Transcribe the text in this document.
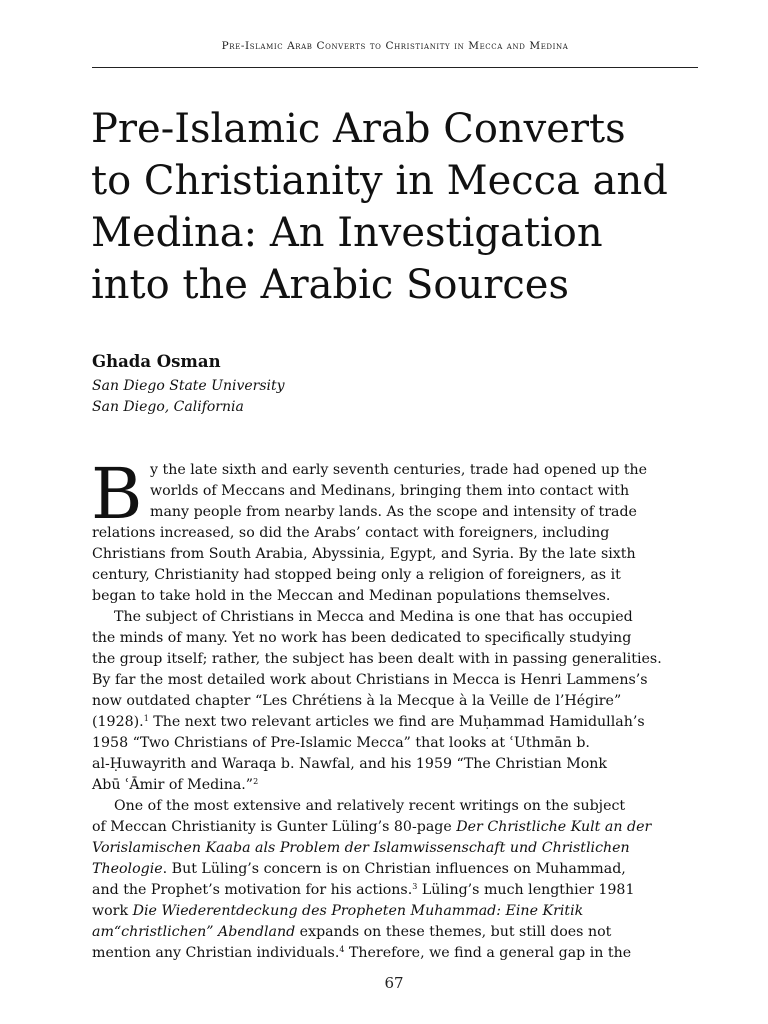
Pre-Islamic Arab Converts to Christianity in Mecca and Medina
Pre-Islamic Arab Converts
to Christianity in Mecca and
Medina: An Investigation
into the Arabic Sources
Ghada Osman
San Diego State University
San Diego, California
B y the late sixth and early seventh centuries, trade had opened up the
worlds of Meccans and Medinans, bringing them into contact with
many people from nearby lands. As the scope and intensity of trade
relations increased, so did the Arabs’ contact with foreigners, including
Christians from South Arabia, Abyssinia, Egypt, and Syria. By the late sixth
century, Christianity had stopped being only a religion of foreigners, as it
began to take hold in the Meccan and Medinan populations themselves.
The subject of Christians in Mecca and Medina is one that has occupied
the minds of many. Yet no work has been dedicated to specifically studying
the group itself; rather, the subject has been dealt with in passing generalities.
By far the most detailed work about Christians in Mecca is Henri Lammens’s
now outdated chapter “Les Chrétiens à la Mecque à la Veille de l’Hégire”
(1928).$^1$ The next two relevant articles we find are Muḥammad Hamidullah’s
1958 “Two Christians of Pre-Islamic Mecca” that looks at ʿUthmān b.
al-Ḥuwayrith and Waraqa b. Nawfal, and his 1959 “The Christian Monk
Abū ʿĀmir of Medina.”$^2$
One of the most extensive and relatively recent writings on the subject
of Meccan Christianity is Gunter Lüling’s 80-page Der Christliche Kult an der
Vorislamischen Kaaba als Problem der Islamwissenschaft und Christlichen
Theologie. But Lüling’s concern is on Christian influences on Muhammad,
and the Prophet’s motivation for his actions.$^3$ Lüling’s much lengthier 1981
work Die Wiederentdeckung des Propheten Muhammad: Eine Kritik
am“christlichen” Abendland expands on these themes, but still does not
mention any Christian individuals.$^4$ Therefore, we find a general gap in the
67
